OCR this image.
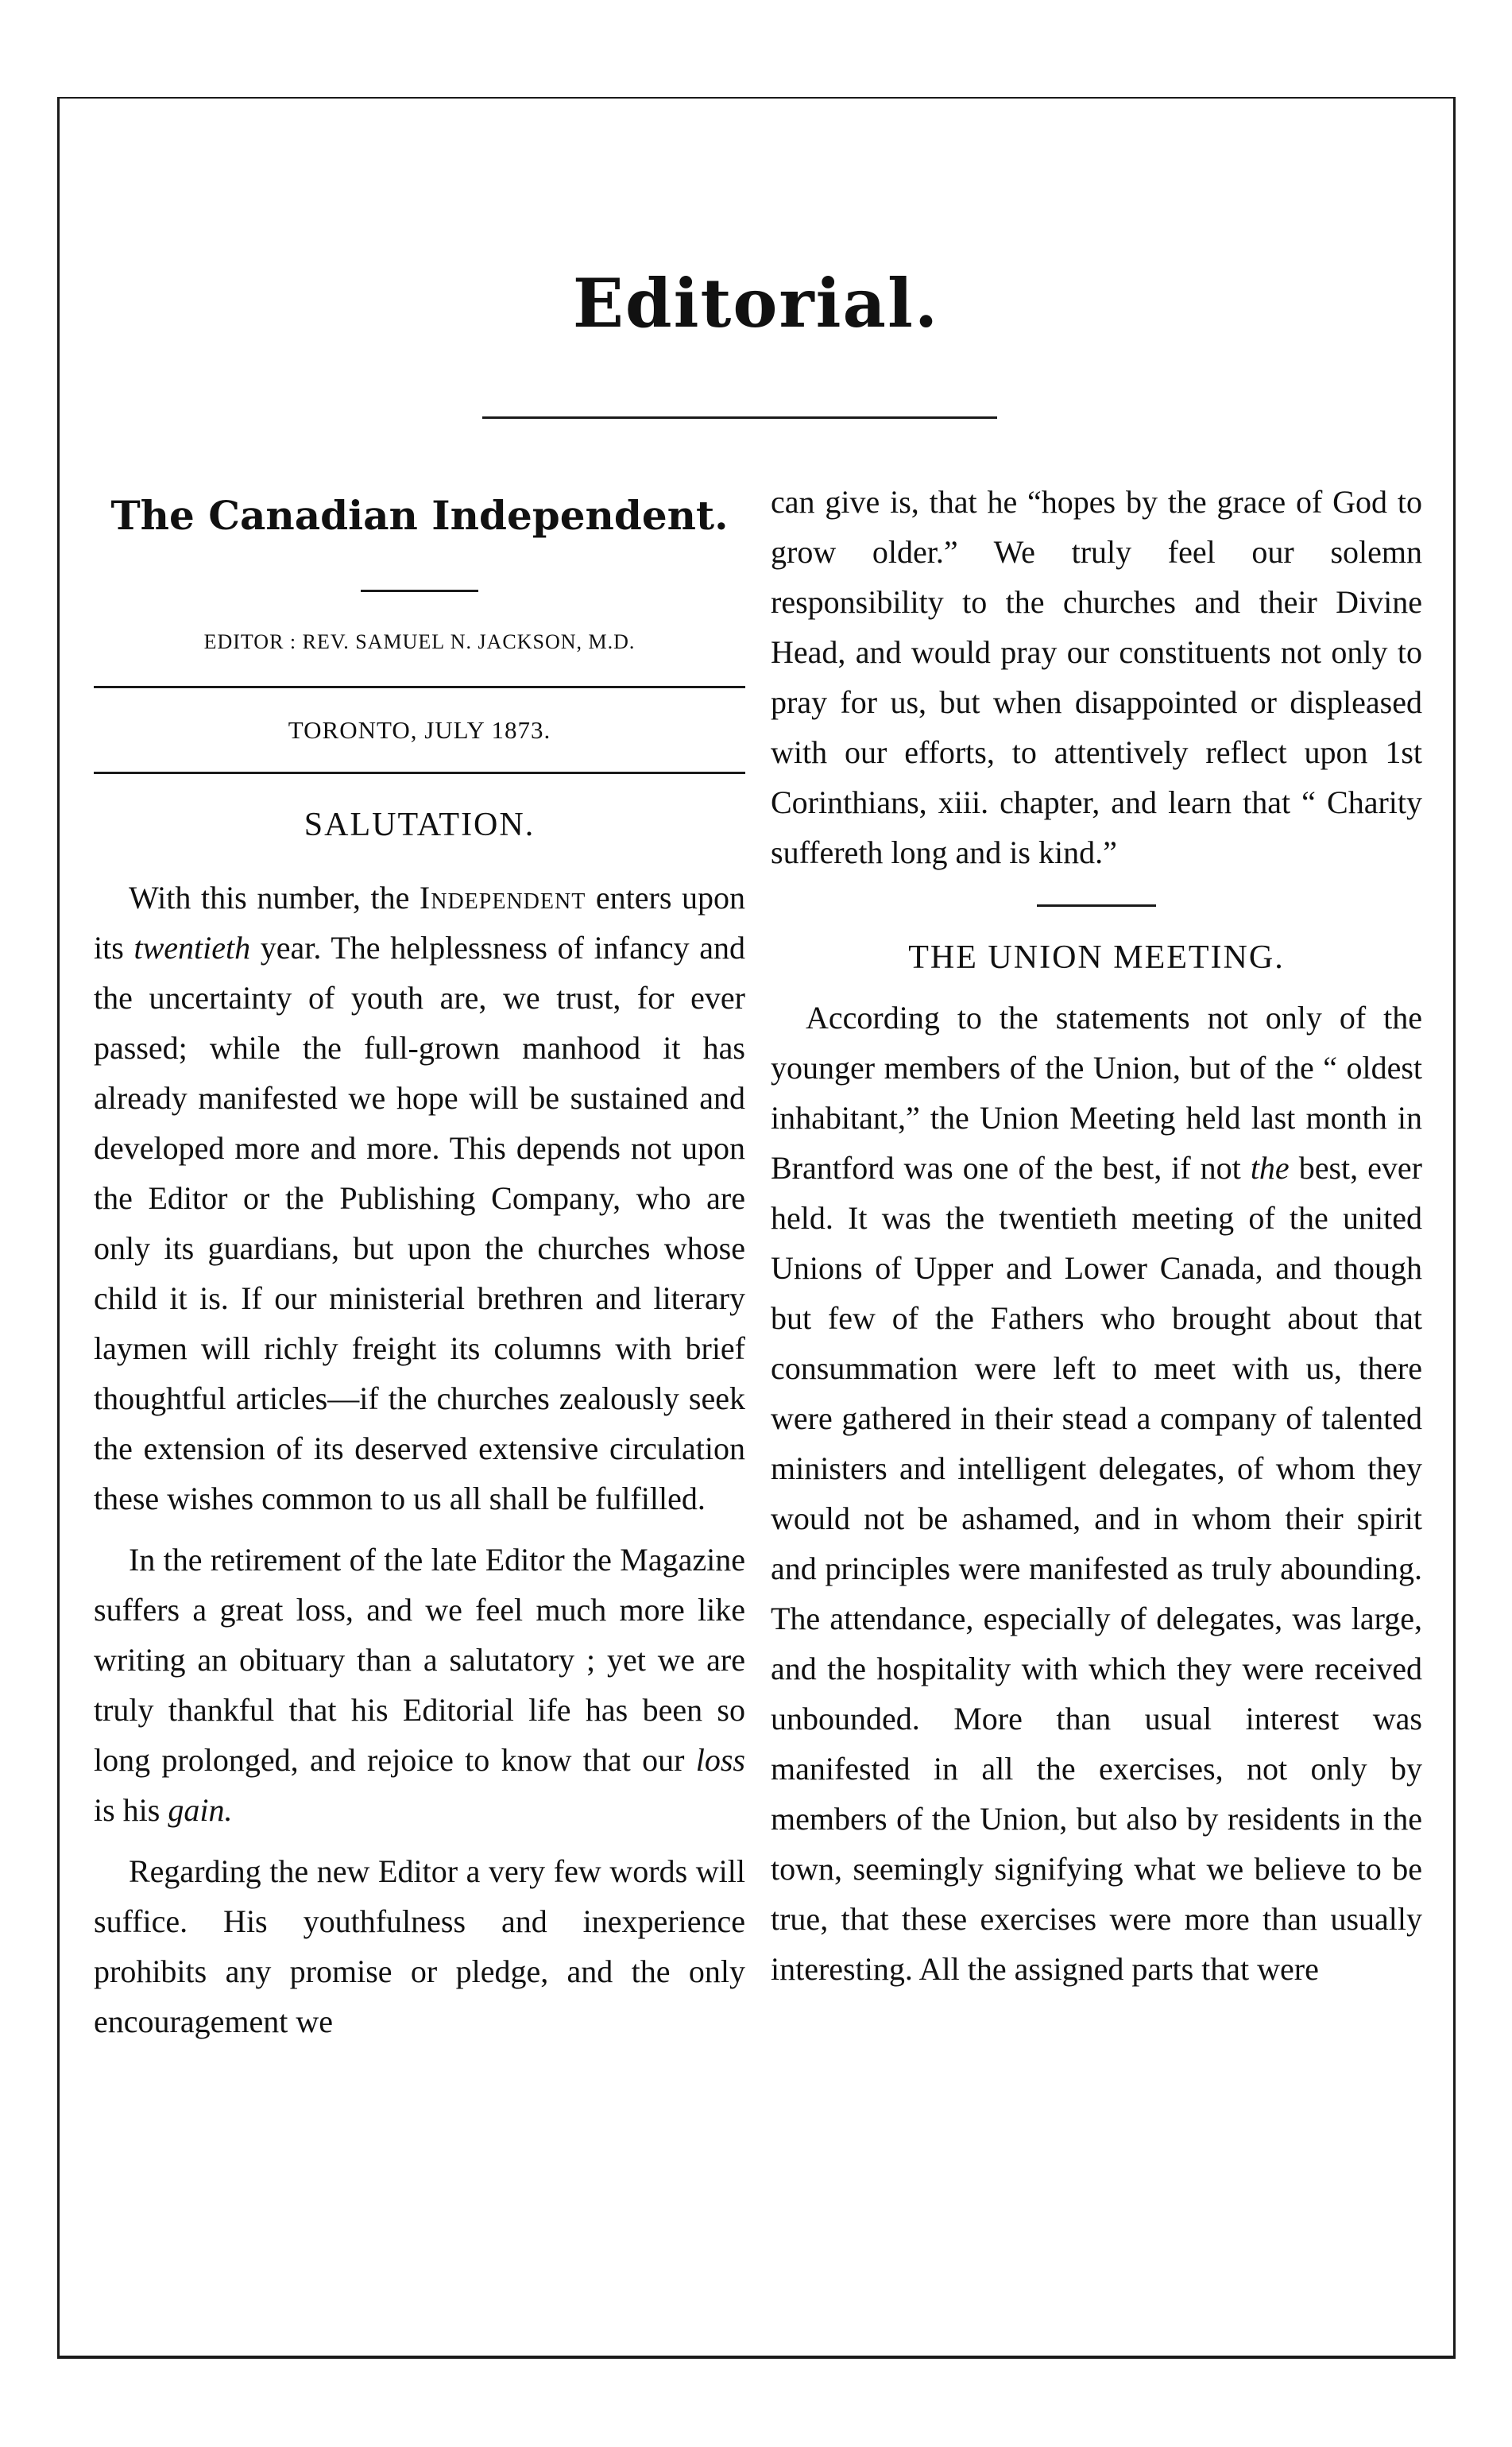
Editorial.
The Canadian Independent.
EDITOR : REV. SAMUEL N. JACKSON, M.D.
TORONTO, JULY 1873.
SALUTATION.

With this number, the Independent enters upon its twentieth year. The helplessness of infancy and the uncertainty of youth are, we trust, for ever passed; while the full-grown manhood it has already manifested we hope will be sustained and developed more and more. This depends not upon the Editor or the Publishing Company, who are only its guardians, but upon the churches whose child it is. If our ministerial brethren and literary laymen will richly freight its columns with brief thoughtful articles—if the churches zealously seek the extension of its deserved extensive circulation these wishes common to us all shall be fulfilled.

In the retirement of the late Editor the Magazine suffers a great loss, and we feel much more like writing an obituary than a salutatory ; yet we are truly thankful that his Editorial life has been so long prolonged, and rejoice to know that our loss is his gain.

Regarding the new Editor a very few words will suffice. His youthfulness and inexperience prohibits any promise or pledge, and the only encouragement we

can give is, that he “hopes by the grace of God to grow older.” We truly feel our solemn responsibility to the churches and their Divine Head, and would pray our constituents not only to pray for us, but when disappointed or displeased with our efforts, to attentively reflect upon 1st Corinthians, xiii. chapter, and learn that “ Charity suffereth long and is kind.”

THE UNION MEETING.

According to the statements not only of the younger members of the Union, but of the “ oldest inhabitant,” the Union Meeting held last month in Brantford was one of the best, if not the best, ever held. It was the twentieth meeting of the united Unions of Upper and Lower Canada, and though but few of the Fathers who brought about that consummation were left to meet with us, there were gathered in their stead a company of talented ministers and intelligent delegates, of whom they would not be ashamed, and in whom their spirit and principles were manifested as truly abounding. The attendance, especially of delegates, was large, and the hospitality with which they were received unbounded. More than usual interest was manifested in all the exercises, not only by members of the Union, but also by residents in the town, seemingly signifying what we believe to be true, that these exercises were more than usually interesting. All the assigned parts that were
